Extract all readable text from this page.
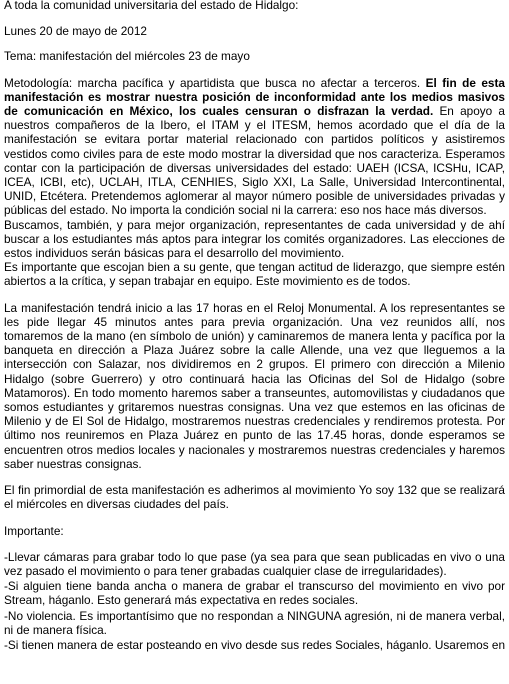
A toda la comunidad universitaria del estado de Hidalgo:

Lunes 20 de mayo de 2012

Tema: manifestación del miércoles 23 de mayo

Metodología: marcha pacífica y apartidista que busca no afectar a terceros. El fin de esta manifestación es mostrar nuestra posición de inconformidad ante los medios masivos de comunicación en México, los cuales censuran o disfrazan la verdad. En apoyo a nuestros compañeros de la Ibero, el ITAM y el ITESM, hemos acordado que el día de la manifestación se evitara portar material relacionado con partidos políticos y asistiremos vestidos como civiles para de este modo mostrar la diversidad que nos caracteriza. Esperamos contar con la participación de diversas universidades del estado: UAEH (ICSA, ICSHu, ICAP, ICEA, ICBI, etc), UCLAH, ITLA, CENHIES, Siglo XXI, La Salle, Universidad Intercontinental, UNID, Etcétera. Pretendemos aglomerar al mayor número posible de universidades privadas y públicas del estado. No importa la condición social ni la carrera: eso nos hace más diversos.

Buscamos, también, y para mejor organización, representantes de cada universidad y de ahí buscar a los estudiantes más aptos para integrar los comités organizadores. Las elecciones de estos individuos serán básicas para el desarrollo del movimiento.

Es importante que escojan bien a su gente, que tengan actitud de liderazgo, que siempre estén abiertos a la crítica, y sepan trabajar en equipo. Este movimiento es de todos.

La manifestación tendrá inicio a las 17 horas en el Reloj Monumental. A los representantes se les pide llegar 45 minutos antes para previa organización. Una vez reunidos allí, nos tomaremos de la mano (en símbolo de unión) y caminaremos de manera lenta y pacífica por la banqueta en dirección a Plaza Juárez sobre la calle Allende, una vez que lleguemos a la intersección con Salazar, nos dividiremos en 2 grupos. El primero con dirección a Milenio Hidalgo (sobre Guerrero) y otro continuará hacia las Oficinas del Sol de Hidalgo (sobre Matamoros). En todo momento haremos saber a transeuntes, automovilistas y ciudadanos que somos estudiantes y gritaremos nuestras consignas. Una vez que estemos en las oficinas de Milenio y de El Sol de Hidalgo, mostraremos nuestras credenciales y rendiremos protesta. Por último nos reuniremos en Plaza Juárez en punto de las 17.45 horas, donde esperamos se encuentren otros medios locales y nacionales y mostraremos nuestras credenciales y haremos saber nuestras consignas.

El fin primordial de esta manifestación es adherimos al movimiento Yo soy 132 que se realizará el miércoles en diversas ciudades del país.

Importante:

-Llevar cámaras para grabar todo lo que pase (ya sea para que sean publicadas en vivo o una vez pasado el movimiento o para tener grabadas cualquier clase de irregularidades).

-Si alguien tiene banda ancha o manera de grabar el transcurso del movimiento en vivo por Stream, háganlo. Esto generará más expectativa en redes sociales.

-No violencia. Es importantísimo que no respondan a NINGUNA agresión, ni de manera verbal, ni de manera física.

-Si tienen manera de estar posteando en vivo desde sus redes Sociales, háganlo. Usaremos en
